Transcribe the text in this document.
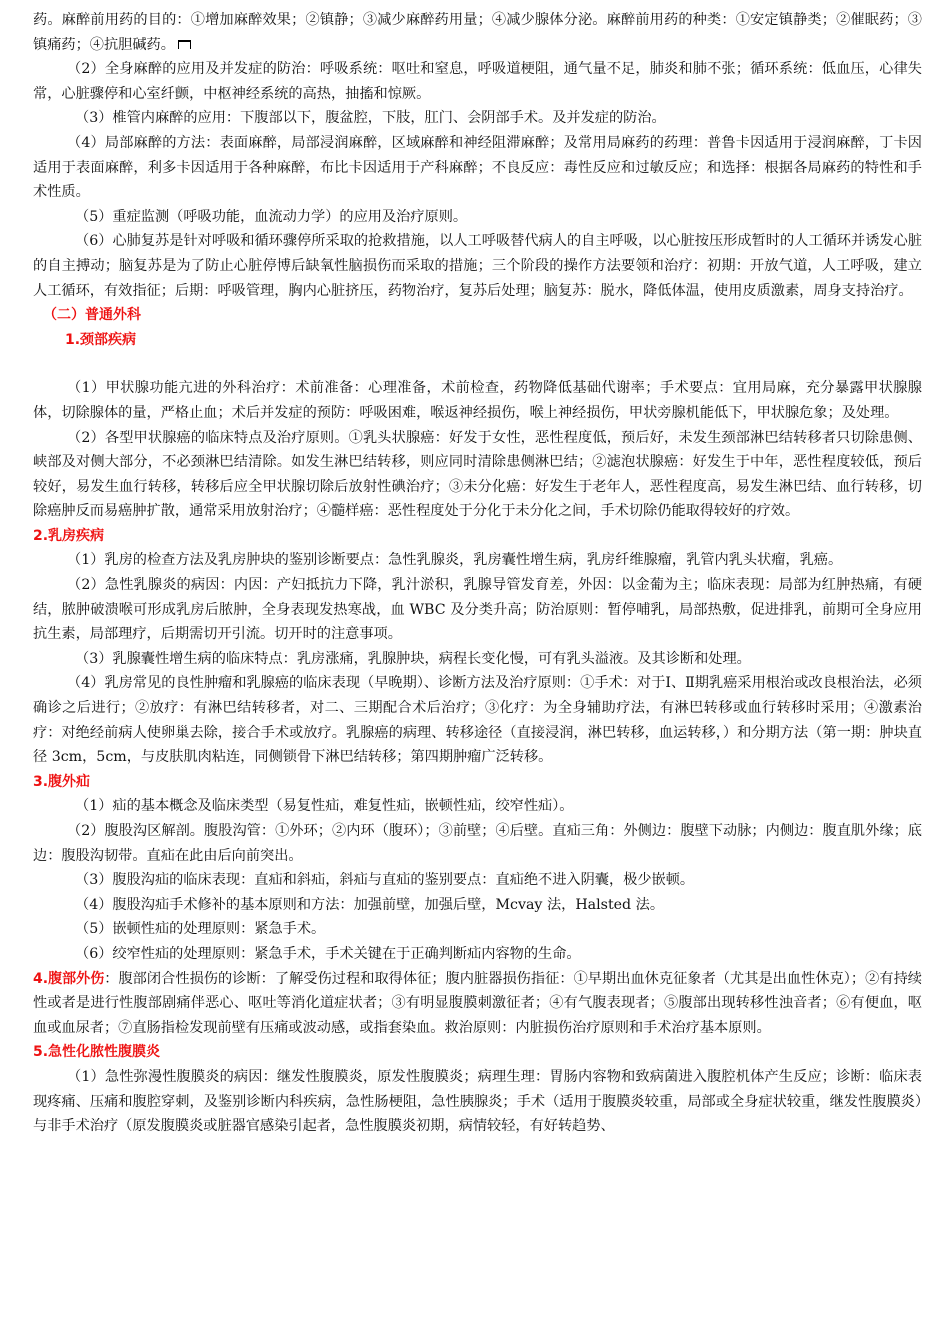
药。麻醉前用药的目的：①增加麻醉效果；②镇静；③减少麻醉药用量；④减少腺体分泌。麻醉前用药的种类：①安定镇静类；②催眠药；③镇痛药；④抗胆碱药。

（2）全身麻醉的应用及并发症的防治：呼吸系统：呕吐和窒息，呼吸道梗阻，通气量不足，肺炎和肺不张；循环系统：低血压，心律失常，心脏骤停和心室纤颤，中枢神经系统的高热，抽搐和惊厥。

（3）椎管内麻醉的应用：下腹部以下，腹盆腔，下肢，肛门、会阴部手术。及并发症的防治。

（4）局部麻醉的方法：表面麻醉，局部浸润麻醉，区域麻醉和神经阻滞麻醉；及常用局麻药的药理：普鲁卡因适用于浸润麻醉，丁卡因适用于表面麻醉，利多卡因适用于各种麻醉，布比卡因适用于产科麻醉；不良反应：毒性反应和过敏反应；和选择：根据各局麻药的特性和手术性质。

（5）重症监测（呼吸功能，血流动力学）的应用及治疗原则。

（6）心肺复苏是针对呼吸和循环骤停所采取的抢救措施，以人工呼吸替代病人的自主呼吸，以心脏按压形成暂时的人工循环并诱发心脏的自主搏动；脑复苏是为了防止心脏停博后缺氧性脑损伤而采取的措施；三个阶段的操作方法要领和治疗：初期：开放气道，人工呼吸，建立人工循环，有效指征；后期：呼吸管理，胸内心脏挤压，药物治疗，复苏后处理；脑复苏：脱水，降低体温，使用皮质激素，周身支持治疗。

（二）普通外科

1.颈部疾病

（1）甲状腺功能亢进的外科治疗：术前准备：心理准备，术前检查，药物降低基础代谢率；手术要点：宜用局麻，充分暴露甲状腺腺体，切除腺体的量，严格止血；术后并发症的预防：呼吸困难，喉返神经损伤，喉上神经损伤，甲状旁腺机能低下，甲状腺危象；及处理。

（2）各型甲状腺癌的临床特点及治疗原则。①乳头状腺癌：好发于女性，恶性程度低，预后好，未发生颈部淋巴结转移者只切除患侧、峡部及对侧大部分，不必颈淋巴结清除。如发生淋巴结转移，则应同时清除患侧淋巴结；②滤泡状腺癌：好发生于中年，恶性程度较低，预后较好，易发生血行转移，转移后应全甲状腺切除后放射性碘治疗；③未分化癌：好发生于老年人，恶性程度高，易发生淋巴结、血行转移，切除癌肿反而易癌肿扩散，通常采用放射治疗；④髓样癌：恶性程度处于分化于未分化之间，手术切除仍能取得较好的疗效。

2.乳房疾病

（1）乳房的检查方法及乳房肿块的鉴别诊断要点：急性乳腺炎，乳房囊性增生病，乳房纤维腺瘤，乳管内乳头状瘤，乳癌。

（2）急性乳腺炎的病因：内因：产妇抵抗力下降，乳汁淤积，乳腺导管发育差，外因：以金葡为主；临床表现：局部为红肿热痛，有硬结，脓肿破溃喉可形成乳房后脓肿，全身表现发热寒战，血 WBC 及分类升高；防治原则：暂停哺乳，局部热敷，促进排乳，前期可全身应用抗生素，局部理疗，后期需切开引流。切开时的注意事项。

（3）乳腺囊性增生病的临床特点：乳房涨痛，乳腺肿块，病程长变化慢，可有乳头溢液。及其诊断和处理。

（4）乳房常见的良性肿瘤和乳腺癌的临床表现（早晚期）、诊断方法及治疗原则：①手术：对于Ⅰ、Ⅱ期乳癌采用根治或改良根治法，必须确诊之后进行；②放疗：有淋巴结转移者，对二、三期配合术后治疗；③化疗：为全身辅助疗法，有淋巴转移或血行转移时采用；④激素治疗：对绝经前病人使卵巢去除，接合手术或放疗。乳腺癌的病理、转移途径（直接浸润，淋巴转移，血运转移，）和分期方法（第一期：肿块直径 3cm，5cm，与皮肤肌肉粘连，同侧锁骨下淋巴结转移；第四期肿瘤广泛转移。

3.腹外疝

（1）疝的基本概念及临床类型（易复性疝，难复性疝，嵌顿性疝，绞窄性疝）。

（2）腹股沟区解剖。腹股沟管：①外环；②内环（腹环）；③前壁；④后壁。直疝三角：外侧边：腹壁下动脉；内侧边：腹直肌外缘；底边：腹股沟韧带。直疝在此由后向前突出。

（3）腹股沟疝的临床表现：直疝和斜疝，斜疝与直疝的鉴别要点：直疝绝不进入阴囊，极少嵌顿。

（4）腹股沟疝手术修补的基本原则和方法：加强前壁，加强后壁，Mcvay 法，Halsted 法。

（5）嵌顿性疝的处理原则：紧急手术。

（6）绞窄性疝的处理原则：紧急手术，手术关键在于正确判断疝内容物的生命。

4.腹部外伤：腹部闭合性损伤的诊断：了解受伤过程和取得体征；腹内脏器损伤指征：①早期出血休克征象者（尤其是出血性休克）；②有持续性或者是进行性腹部剧痛伴恶心、呕吐等消化道症状者；③有明显腹膜刺激征者；④有气腹表现者；⑤腹部出现转移性浊音者；⑥有便血，呕血或血尿者；⑦直肠指检发现前壁有压痛或波动感，或指套染血。救治原则：内脏损伤治疗原则和手术治疗基本原则。

5.急性化脓性腹膜炎

（1）急性弥漫性腹膜炎的病因：继发性腹膜炎，原发性腹膜炎；病理生理：胃肠内容物和致病菌进入腹腔机体产生反应；诊断：临床表现疼痛、压痛和腹腔穿刺，及鉴别诊断内科疾病，急性肠梗阻，急性胰腺炎；手术（适用于腹膜炎较重，局部或全身症状较重，继发性腹膜炎）与非手术治疗（原发腹膜炎或脏器官感染引起者，急性腹膜炎初期，病情较轻，有好转趋势、
